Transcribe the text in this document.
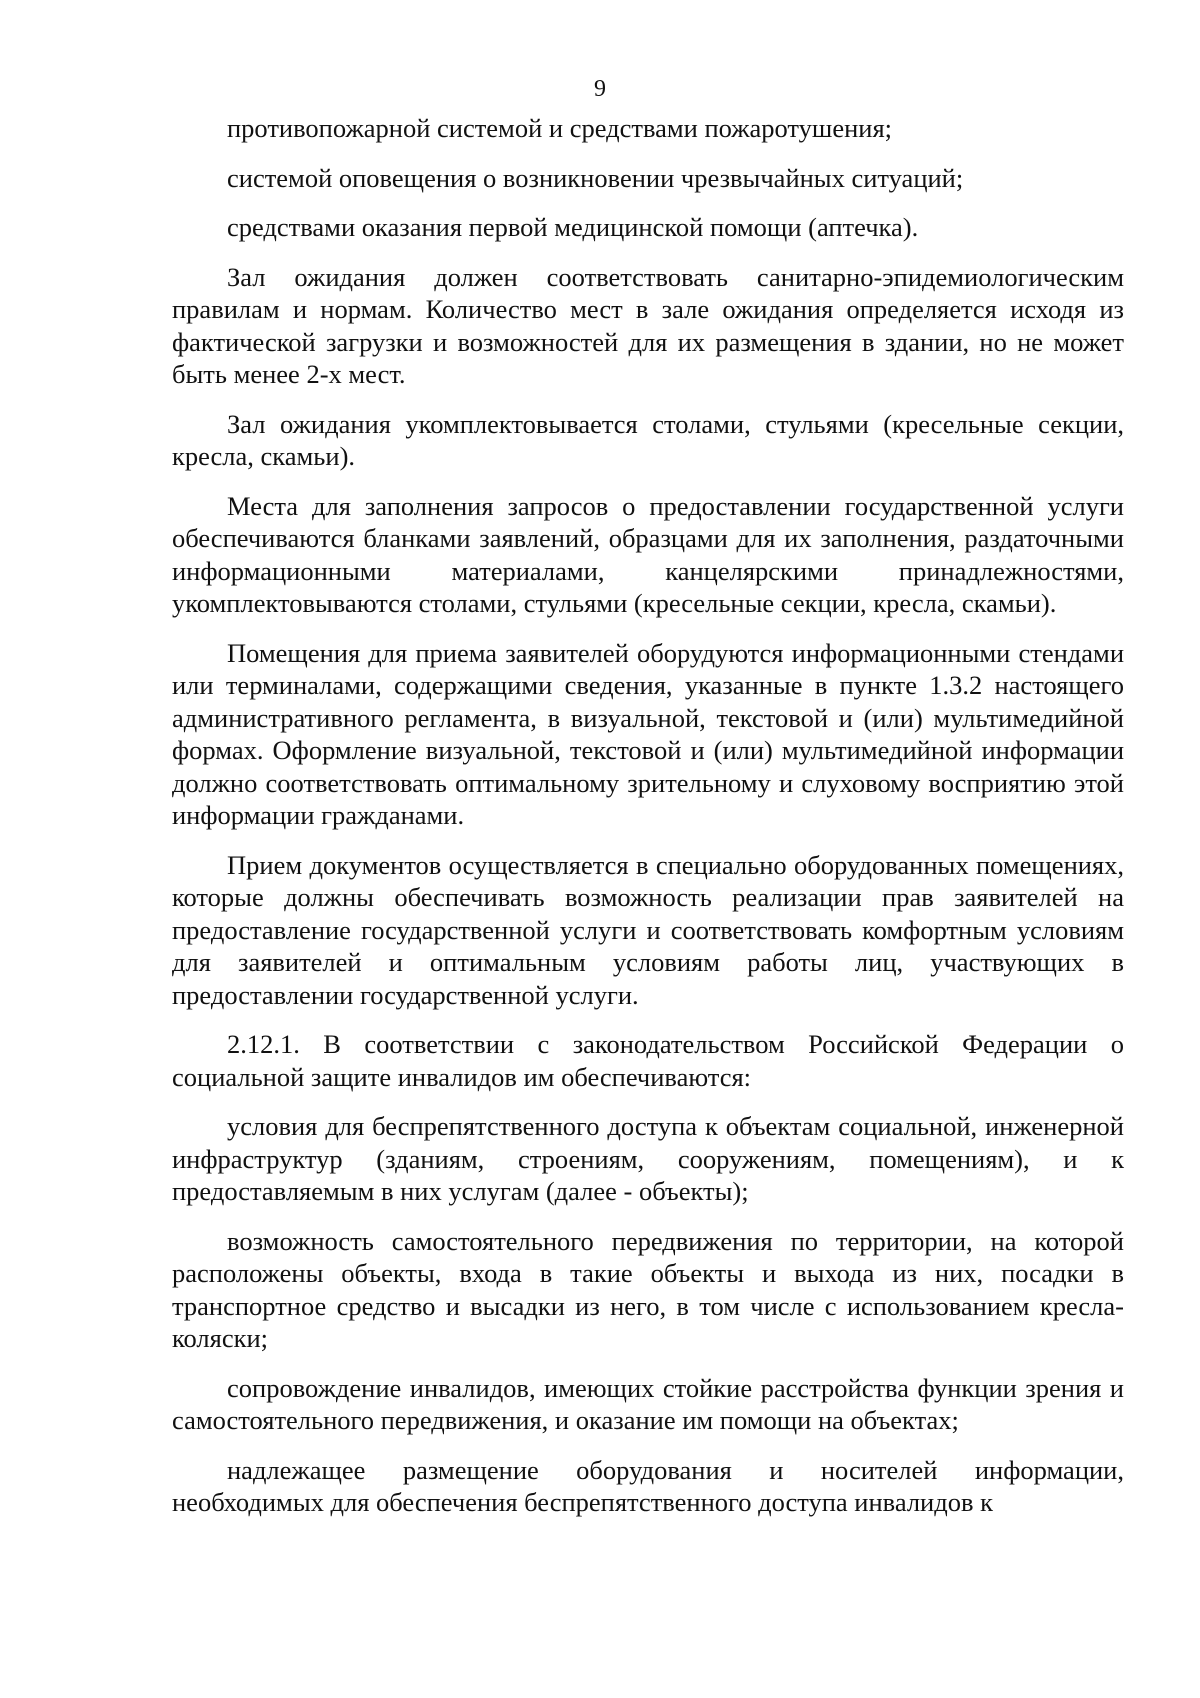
9

противопожарной системой и средствами пожаротушения;

системой оповещения о возникновении чрезвычайных ситуаций;

средствами оказания первой медицинской помощи (аптечка).

Зал ожидания должен соответствовать санитарно-эпидемиологическим правилам и нормам. Количество мест в зале ожидания определяется исходя из фактической загрузки и возможностей для их размещения в здании, но не может быть менее 2-х мест.

Зал ожидания укомплектовывается столами, стульями (кресельные секции, кресла, скамьи).

Места для заполнения запросов о предоставлении государственной услуги обеспечиваются бланками заявлений, образцами для их заполнения, раздаточными информационными материалами, канцелярскими принадлежностями, укомплектовываются столами, стульями (кресельные секции, кресла, скамьи).

Помещения для приема заявителей оборудуются информационными стендами или терминалами, содержащими сведения, указанные в пункте 1.3.2 настоящего административного регламента, в визуальной, текстовой и (или) мультимедийной формах. Оформление визуальной, текстовой и (или) мультимедийной информации должно соответствовать оптимальному зрительному и слуховому восприятию этой информации гражданами.

Прием документов осуществляется в специально оборудованных помещениях, которые должны обеспечивать возможность реализации прав заявителей на предоставление государственной услуги и соответствовать комфортным условиям для заявителей и оптимальным условиям работы лиц, участвующих в предоставлении государственной услуги.

2.12.1. В соответствии с законодательством Российской Федерации о социальной защите инвалидов им обеспечиваются:

условия для беспрепятственного доступа к объектам социальной, инженерной инфраструктур (зданиям, строениям, сооружениям, помещениям), и к предоставляемым в них услугам (далее - объекты);

возможность самостоятельного передвижения по территории, на которой расположены объекты, входа в такие объекты и выхода из них, посадки в транспортное средство и высадки из него, в том числе с использованием кресла-коляски;

сопровождение инвалидов, имеющих стойкие расстройства функции зрения и самостоятельного передвижения, и оказание им помощи на объектах;

надлежащее размещение оборудования и носителей информации, необходимых для обеспечения беспрепятственного доступа инвалидов к
